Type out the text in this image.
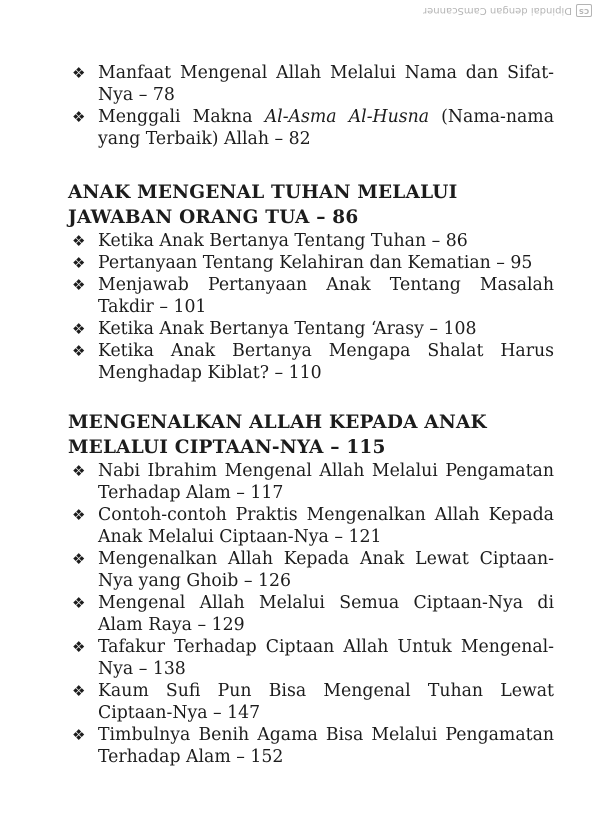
CS
Dipindai dengan CamScanner

❖ Manfaat Mengenal Allah Melalui Nama dan Sifat-Nya – 78

❖ Menggali Makna Al-Asma Al-Husna (Nama-nama yang Terbaik) Allah – 82

ANAK MENGENAL TUHAN MELALUI JAWABAN ORANG TUA – 86

❖ Ketika Anak Bertanya Tentang Tuhan – 86

❖ Pertanyaan Tentang Kelahiran dan Kematian – 95

❖ Menjawab Pertanyaan Anak Tentang Masalah Takdir – 101

❖ Ketika Anak Bertanya Tentang ‘Arasy – 108

❖ Ketika Anak Bertanya Mengapa Shalat Harus Menghadap Kiblat? – 110

MENGENALKAN ALLAH KEPADA ANAK MELALUI CIPTAAN-NYA – 115

❖ Nabi Ibrahim Mengenal Allah Melalui Pengamatan Terhadap Alam – 117

❖ Contoh-contoh Praktis Mengenalkan Allah Kepada Anak Melalui Ciptaan-Nya – 121

❖ Mengenalkan Allah Kepada Anak Lewat Ciptaan-Nya yang Ghoib – 126

❖ Mengenal Allah Melalui Semua Ciptaan-Nya di Alam Raya – 129

❖ Tafakur Terhadap Ciptaan Allah Untuk Mengenal-Nya – 138

❖ Kaum Sufi Pun Bisa Mengenal Tuhan Lewat Ciptaan-Nya – 147

❖ Timbulnya Benih Agama Bisa Melalui Pengamatan Terhadap Alam – 152
